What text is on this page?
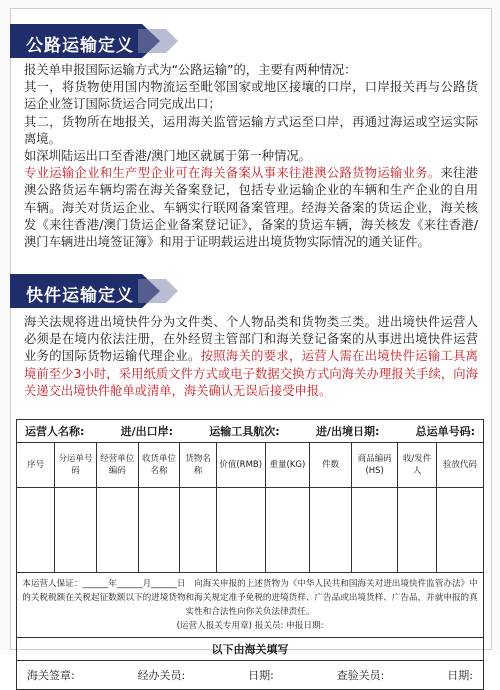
公路运输定义

报关单申报国际运输方式为“公路运输”的，主要有两种情况：

其一，将货物使用国内物流运至毗邻国家或地区接壤的口岸，口岸报关再与公路货运企业签订国际货运合同完成出口；

其二，货物所在地报关，运用海关监管运输方式运至口岸，再通过海运或空运实际离境。

如深圳陆运出口至香港/澳门地区就属于第一种情况。

专业运输企业和生产型企业可在海关备案从事来往港澳公路货物运输业务。来往港澳公路货运车辆均需在海关备案登记，包括专业运输企业的车辆和生产企业的自用车辆。海关对货运企业、车辆实行联网备案管理。经海关备案的货运企业，海关核发《来往香港/澳门货运企业备案登记证》，备案的货运车辆，海关核发《来往香港/澳门车辆进出境签证簿》和用于证明载运进出境货物实际情况的通关证件。

快件运输定义

海关法规将进出境快件分为文件类、个人物品类和货物类三类。进出境快件运营人必须是在境内依法注册，在外经贸主管部门和海关登记备案的从事进出境快件运营业务的国际货物运输代理企业。按照海关的要求，运营人需在出境快件运输工具离境前至少3小时，采用纸质文件方式或电子数据交换方式向海关办理报关手续，向海关递交出境快件舱单或清单，海关确认无误后接受申报。

运营人名称: 进/出口岸: 运输工具航次: 进/出境日期: 总运单号码:										

序号	分运单号码	经营单位编码	收货单位名称	货物名称	价值(RMB)	重量(KG)	件数	商品编码(HS)	收/发件人	验放代码

本运营人保证：______年______月______日　向海关申报的上述货物为《中华人民共和国海关对进出境快件监管办法》中的关税税额在关税起征数额以下的进境货物和海关规定准予免税的进境货样、广告品或出境货样、广告品，并就申报的真实性和合法性向你关负法律责任。
(运营人报关专用章) 报关员: 申报日期:										

以下由海关填写										

海关签章: 经办关员: 日期: 查验关员: 日期:										
